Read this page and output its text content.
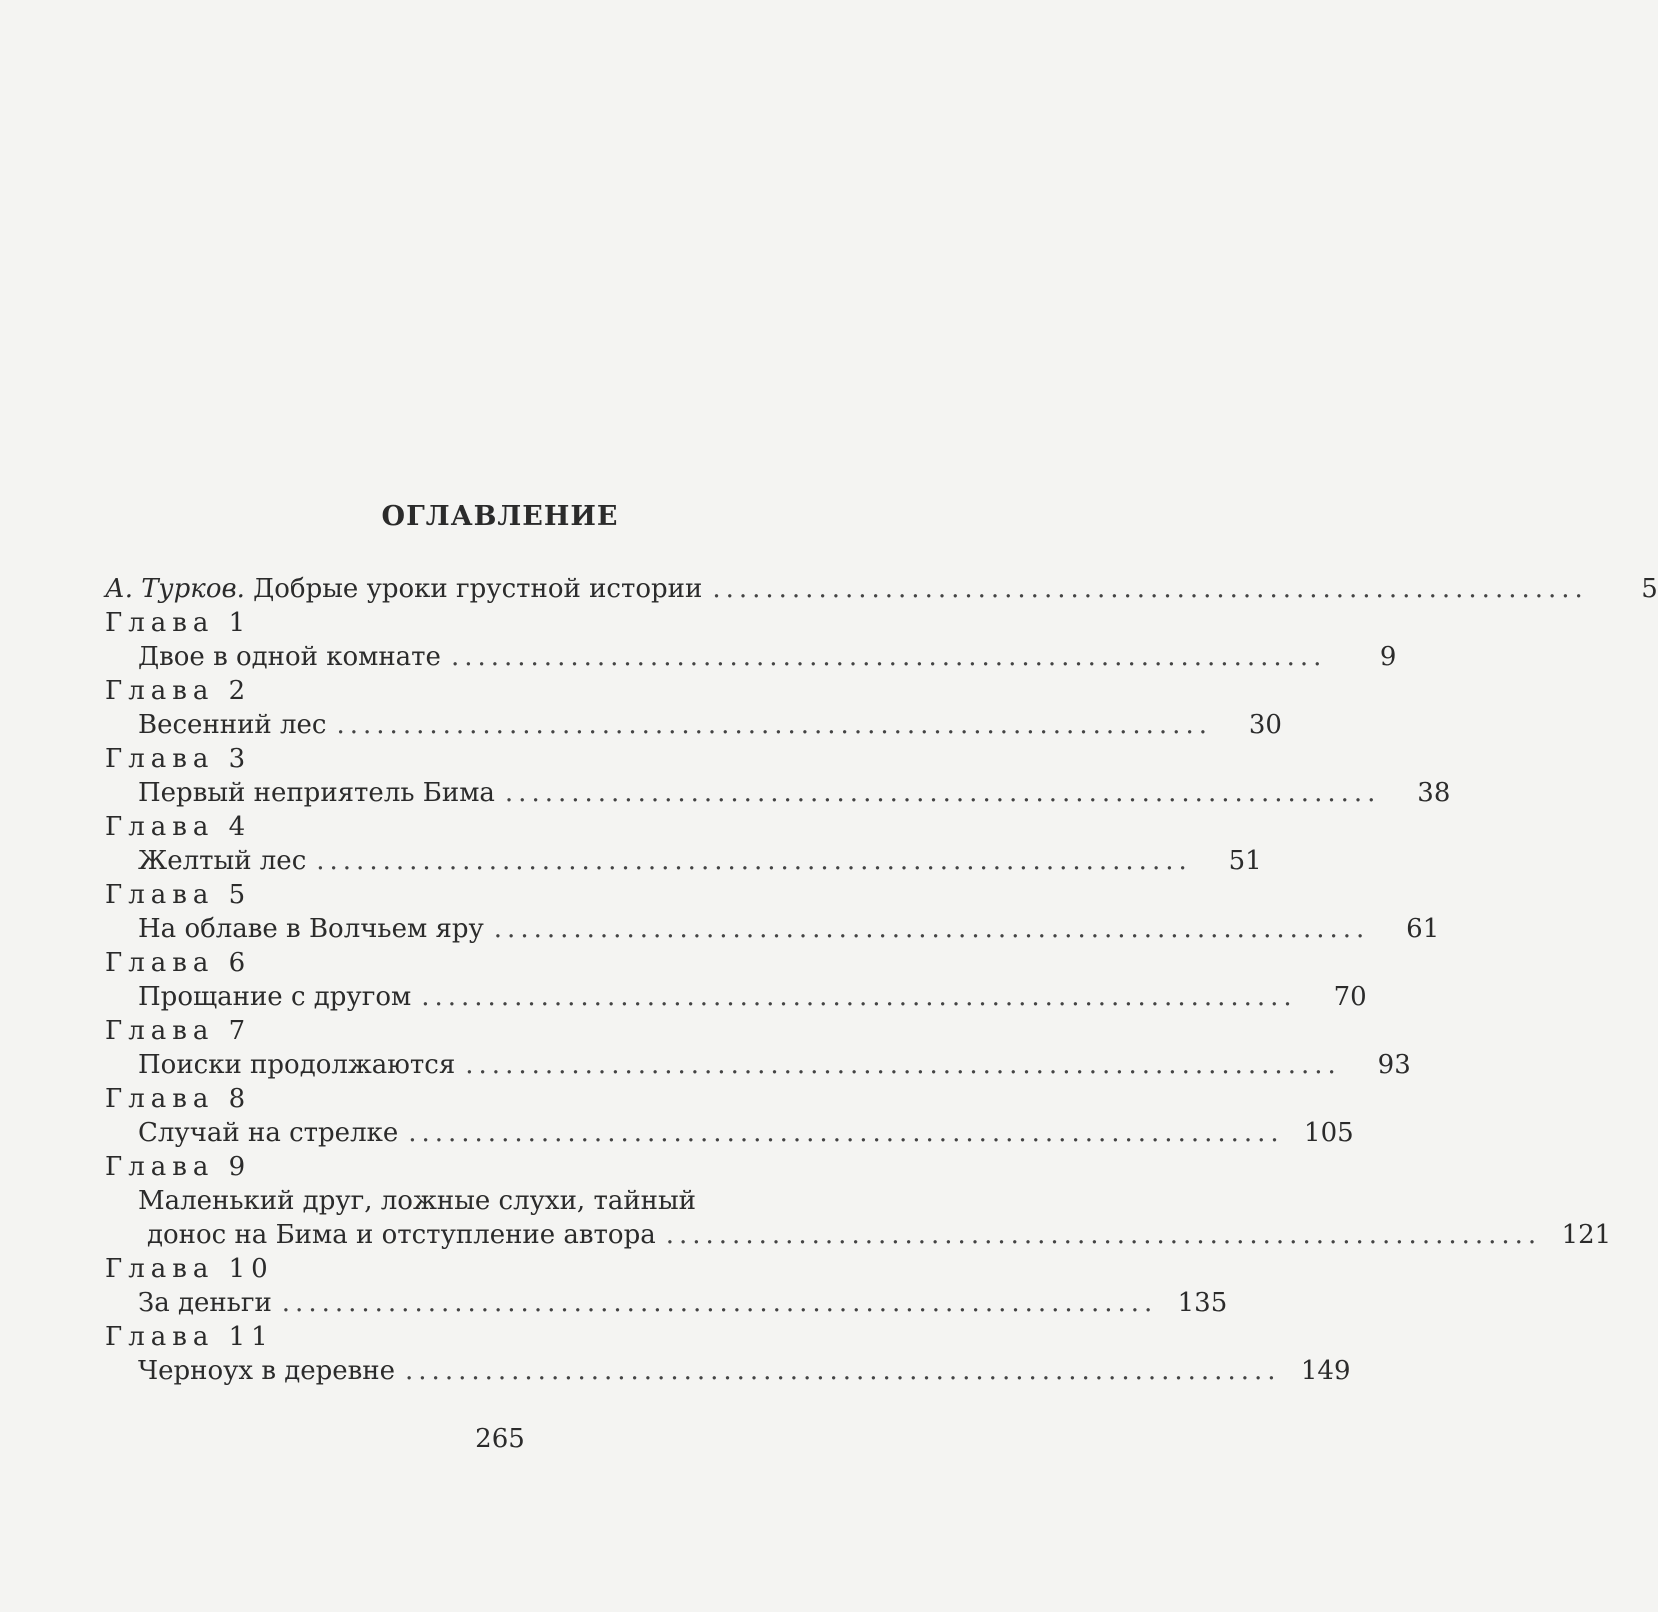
ОГЛАВЛЕНИЕ
А. Турков. Добрые уроки грустной истории ..................................................................	5
Глава 1
Двое в одной комнате ..................................................................	9
Глава 2
Весенний лес ..................................................................	30
Глава 3
Первый неприятель Бима ..................................................................	38
Глава 4
Желтый лес ..................................................................	51
Глава 5
На облаве в Волчьем яру ..................................................................	61
Глава 6
Прощание с другом ..................................................................	70
Глава 7
Поиски продолжаются ..................................................................	93
Глава 8
Случай на стрелке .................................................................. 105
Глава 9
Маленький друг, ложные слухи, тайный
донос на Бима и отступление автора .................................................................. 121
Глава 10
За деньги .................................................................. 135
Глава 11
Черноух в деревне .................................................................. 149
265
